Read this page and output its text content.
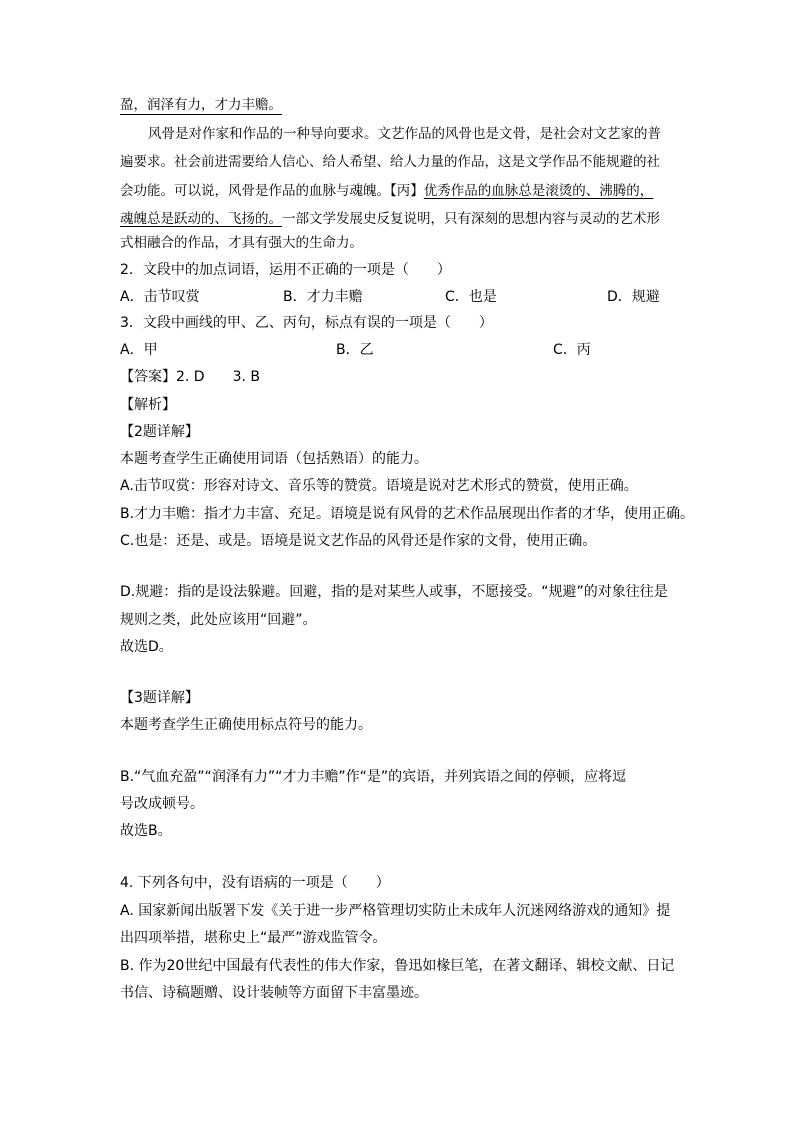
盈，润泽有力，才力丰赡。
风骨是对作家和作品的一种导向要求。文艺作品的风骨也是文骨，是社会对文艺家的普
遍要求。社会前进需要给人信心、给人希望、给人力量的作品，这是文学作品不能规避的社
会功能。可以说，风骨是作品的血脉与魂魄。【丙】优秀作品的血脉总是滚烫的、沸腾的，
魂魄总是跃动的、飞扬的。一部文学发展史反复说明，只有深刻的思想内容与灵动的艺术形
式相融合的作品，才具有强大的生命力。
2．文段中的加点词语，运用不正确的一项是（　　）
A．击节叹赏	B．才力丰赡	C．也是	D．规避
3．文段中画线的甲、乙、丙句，标点有误的一项是（　　）
A．甲	B．乙	C．丙
【答案】2. D　　3. B
【解析】
【2题详解】
本题考查学生正确使用词语（包括熟语）的能力。
A.击节叹赏：形容对诗文、音乐等的赞赏。语境是说对艺术形式的赞赏，使用正确。
B.才力丰赡：指才力丰富、充足。语境是说有风骨的艺术作品展现出作者的才华，使用正确。
C.也是：还是、或是。语境是说文艺作品的风骨还是作家的文骨，使用正确。
D.规避：指的是设法躲避。回避，指的是对某些人或事，不愿接受。“规避”的对象往往是
规则之类，此处应该用“回避”。
故选D。
【3题详解】
本题考查学生正确使用标点符号的能力。
B.“气血充盈”“润泽有力”“才力丰赡”作“是”的宾语，并列宾语之间的停顿，应将逗
号改成顿号。
故选B。
4. 下列各句中，没有语病的一项是（　　）
A. 国家新闻出版署下发《关于进一步严格管理切实防止未成年人沉迷网络游戏的通知》提
出四项举措，堪称史上“最严”游戏监管令。
B. 作为20世纪中国最有代表性的伟大作家，鲁迅如椽巨笔，在著文翻译、辑校文献、日记
书信、诗稿题赠、设计装帧等方面留下丰富墨迹。
